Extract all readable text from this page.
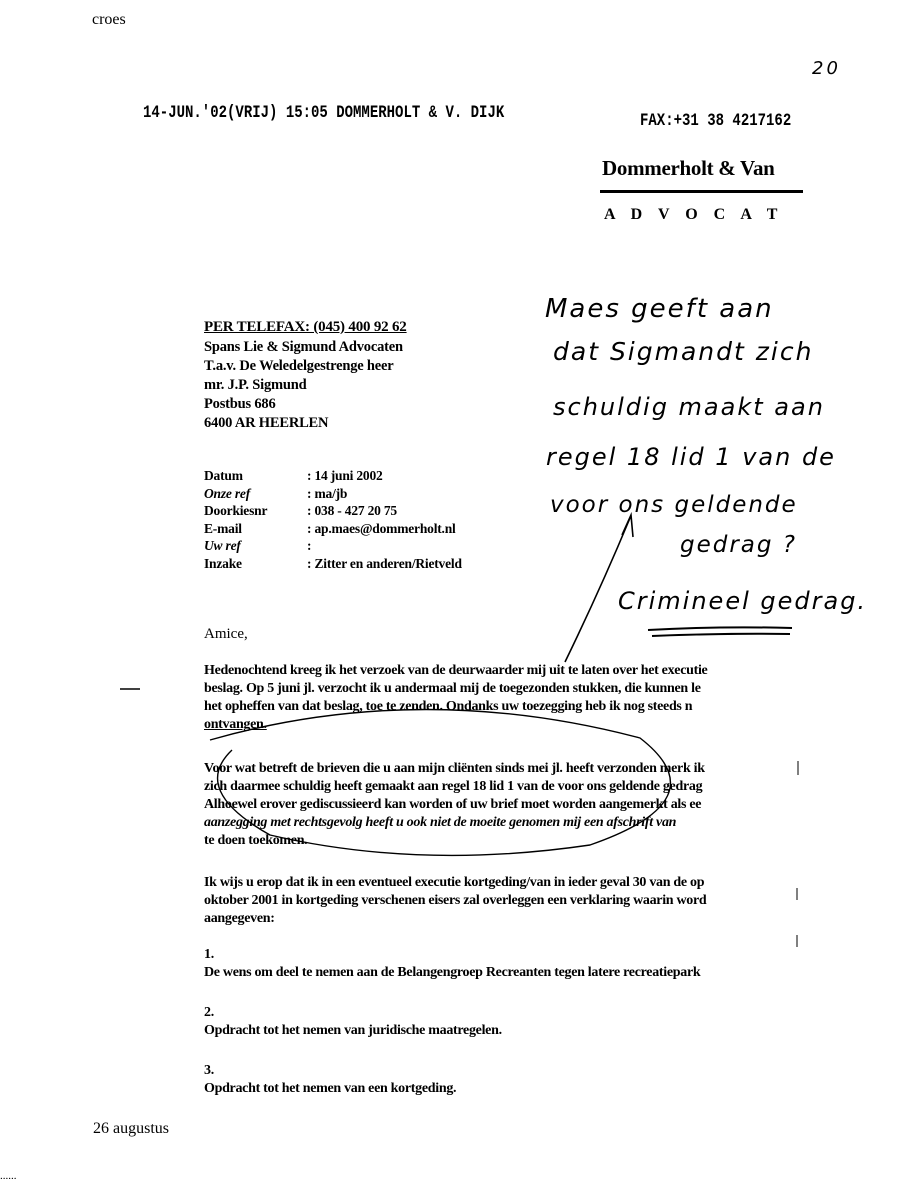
croes
20
14-JUN.'02(VRIJ) 15:05 DOMMERHOLT & V. DIJK	FAX:+31 38 4217162
Dommerholt & Van
A D V O C A T
Maes geeft aan
dat Sigmandt zich
schuldig maakt aan
regel 18 lid 1 van de
voor ons geldende
gedrag ?
Crimineel gedrag.
PER TELEFAX: (045) 400 92 62
Spans Lie & Sigmund Advocaten
T.a.v. De Weledelgestrenge heer
mr. J.P. Sigmund
Postbus 686
6400 AR HEERLEN
Datum
Onze ref
Doorkiesnr
E-mail
Uw ref
Inzake
: 14 juni 2002
: ma/jb
: 038 - 427 20 75
: ap.maes@dommerholt.nl
:
: Zitter en anderen/Rietveld
Amice,
Hedenochtend kreeg ik het verzoek van de deurwaarder mij uit te laten over het executie
beslag. Op 5 juni jl. verzocht ik u andermaal mij de toegezonden stukken, die kunnen le
het opheffen van dat beslag, toe te zenden. Ondanks uw toezegging heb ik nog steeds n
ontvangen.
Voor wat betreft de brieven die u aan mijn cliënten sinds mei jl. heeft verzonden merk ik
zich daarmee schuldig heeft gemaakt aan regel 18 lid 1 van de voor ons geldende gedrag
Alhoewel erover gediscussieerd kan worden of uw brief moet worden aangemerkt als ee
aanzegging met rechtsgevolg heeft u ook niet de moeite genomen mij een afschrift van
te doen toekomen.
Ik wijs u erop dat ik in een eventueel executie kortgeding/van in ieder geval 30 van de op
oktober 2001 in kortgeding verschenen eisers zal overleggen een verklaring waarin word
aangegeven:
1.
De wens om deel te nemen aan de Belangengroep Recreanten tegen latere recreatiepark
2.
Opdracht tot het nemen van juridische maatregelen.
3.
Opdracht tot het nemen van een kortgeding.
26 augustus
......
